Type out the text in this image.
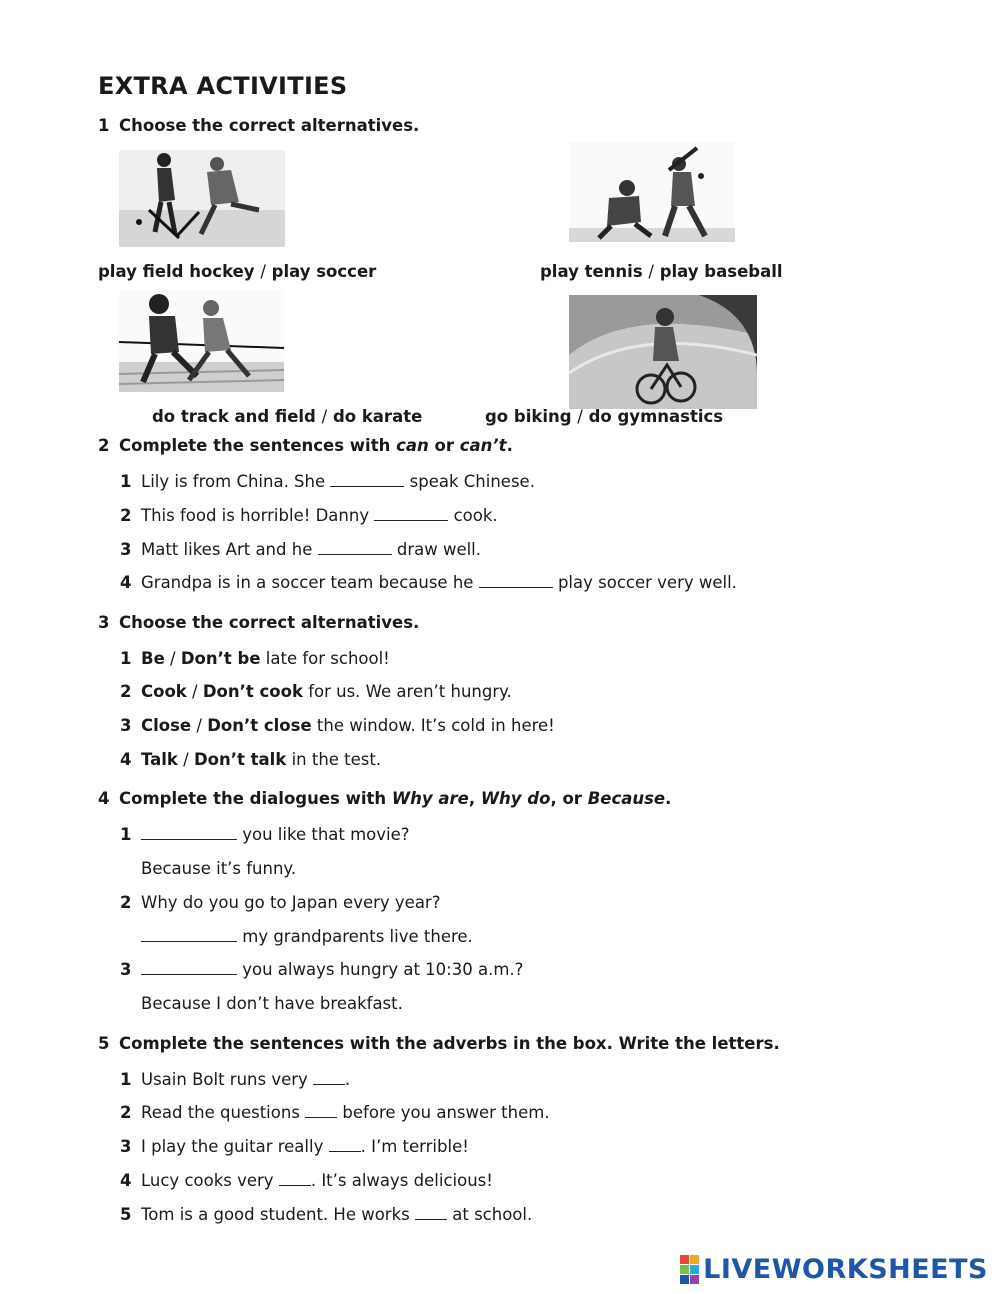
EXTRA ACTIVITIES
1 Choose the correct alternatives.
play field hockey / play soccer	play tennis / play baseball
do track and field / do karate	go biking / do gymnastics
2 Complete the sentences with can or can’t.
1 Lily is from China. She	speak Chinese.
2 This food is horrible! Danny	cook.
3 Matt likes Art and he	draw well.
4 Grandpa is in a soccer team because he	play soccer very well.
3 Choose the correct alternatives.
1 Be / Don’t be late for school!
2 Cook / Don’t cook for us. We aren’t hungry.
3 Close / Don’t close the window. It’s cold in here!
4 Talk / Don’t talk in the test.
4 Complete the dialogues with Why are, Why do, or Because.
1	you like that movie?
Because it’s funny.
2 Why do you go to Japan every year?
my grandparents live there.
3	you always hungry at 10:30 a.m.?
Because I don’t have breakfast.
5 Complete the sentences with the adverbs in the box. Write the letters.
1 Usain Bolt runs very .
2 Read the questions	before you answer them.
3 I play the guitar really . I’m terrible!
4 Lucy cooks very . It’s always delicious!
5 Tom is a good student. He works	at school.
LIVEWORKSHEETS
